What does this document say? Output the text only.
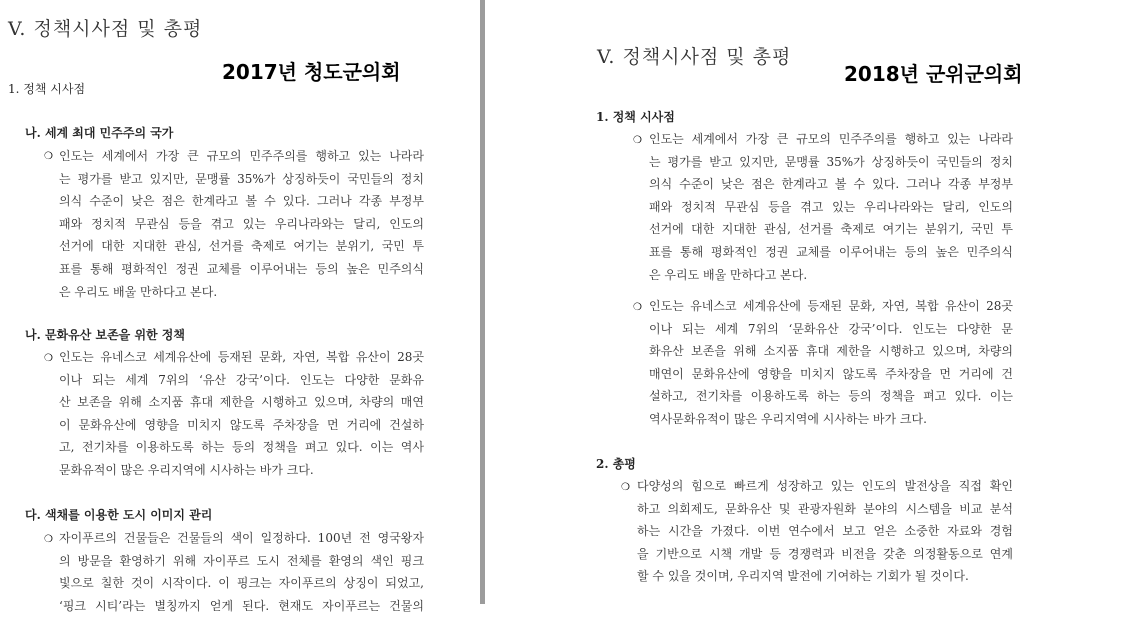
V. 정책시사점 및 총평
2017년 청도군의회
1. 정책 시사점
나. 세계 최대 민주주의 국가
❍ 인도는 세계에서 가장 큰 규모의 민주주의를 행하고 있는 나라라
는 평가를 받고 있지만, 문맹률 35%가 상징하듯이 국민들의 정치
의식 수준이 낮은 점은 한계라고 볼 수 있다. 그러나 각종 부정부
패와 정치적 무관심 등을 겪고 있는 우리나라와는 달리, 인도의
선거에 대한 지대한 관심, 선거를 축제로 여기는 분위기, 국민 투
표를 통해 평화적인 정권 교체를 이루어내는 등의 높은 민주의식
은 우리도 배울 만하다고 본다.
나. 문화유산 보존을 위한 정책
❍ 인도는 유네스코 세계유산에 등재된 문화, 자연, 복합 유산이 28곳
이나 되는 세계 7위의 ‘유산 강국’이다. 인도는 다양한 문화유
산 보존을 위해 소지품 휴대 제한을 시행하고 있으며, 차량의 매연
이 문화유산에 영향을 미치지 않도록 주차장을 먼 거리에 건설하
고, 전기차를 이용하도록 하는 등의 정책을 펴고 있다. 이는 역사
문화유적이 많은 우리지역에 시사하는 바가 크다.
다. 색채를 이용한 도시 이미지 관리
❍ 자이푸르의 건물들은 건물들의 색이 일정하다. 100년 전 영국왕자
의 방문을 환영하기 위해 자이푸르 도시 전체를 환영의 색인 핑크
빛으로 칠한 것이 시작이다. 이 핑크는 자이푸르의 상징이 되었고,
‘핑크 시티’라는 별칭까지 얻게 된다. 현재도 자이푸르는 건물의
V. 정책시사점 및 총평
2018년 군위군의회
1. 정책 시사점
❍ 인도는 세계에서 가장 큰 규모의 민주주의를 행하고 있는 나라라
는 평가를 받고 있지만, 문맹률 35%가 상징하듯이 국민들의 정치
의식 수준이 낮은 점은 한계라고 볼 수 있다. 그러나 각종 부정부
패와 정치적 무관심 등을 겪고 있는 우리나라와는 달리, 인도의
선거에 대한 지대한 관심, 선거를 축제로 여기는 분위기, 국민 투
표를 통해 평화적인 정권 교체를 이루어내는 등의 높은 민주의식
은 우리도 배울 만하다고 본다.
❍ 인도는 유네스코 세계유산에 등재된 문화, 자연, 복합 유산이 28곳
이나 되는 세계 7위의 ‘문화유산 강국’이다. 인도는 다양한 문
화유산 보존을 위해 소지품 휴대 제한을 시행하고 있으며, 차량의
매연이 문화유산에 영향을 미치지 않도록 주차장을 먼 거리에 건
설하고, 전기차를 이용하도록 하는 등의 정책을 펴고 있다. 이는
역사문화유적이 많은 우리지역에 시사하는 바가 크다.
2. 총평
❍ 다양성의 힘으로 빠르게 성장하고 있는 인도의 발전상을 직접 확인
하고 의회제도, 문화유산 및 관광자원화 분야의 시스템을 비교 분석
하는 시간을 가졌다. 이번 연수에서 보고 얻은 소중한 자료와 경험
을 기반으로 시책 개발 등 경쟁력과 비전을 갖춘 의정활동으로 연계
할 수 있을 것이며, 우리지역 발전에 기여하는 기회가 될 것이다.
